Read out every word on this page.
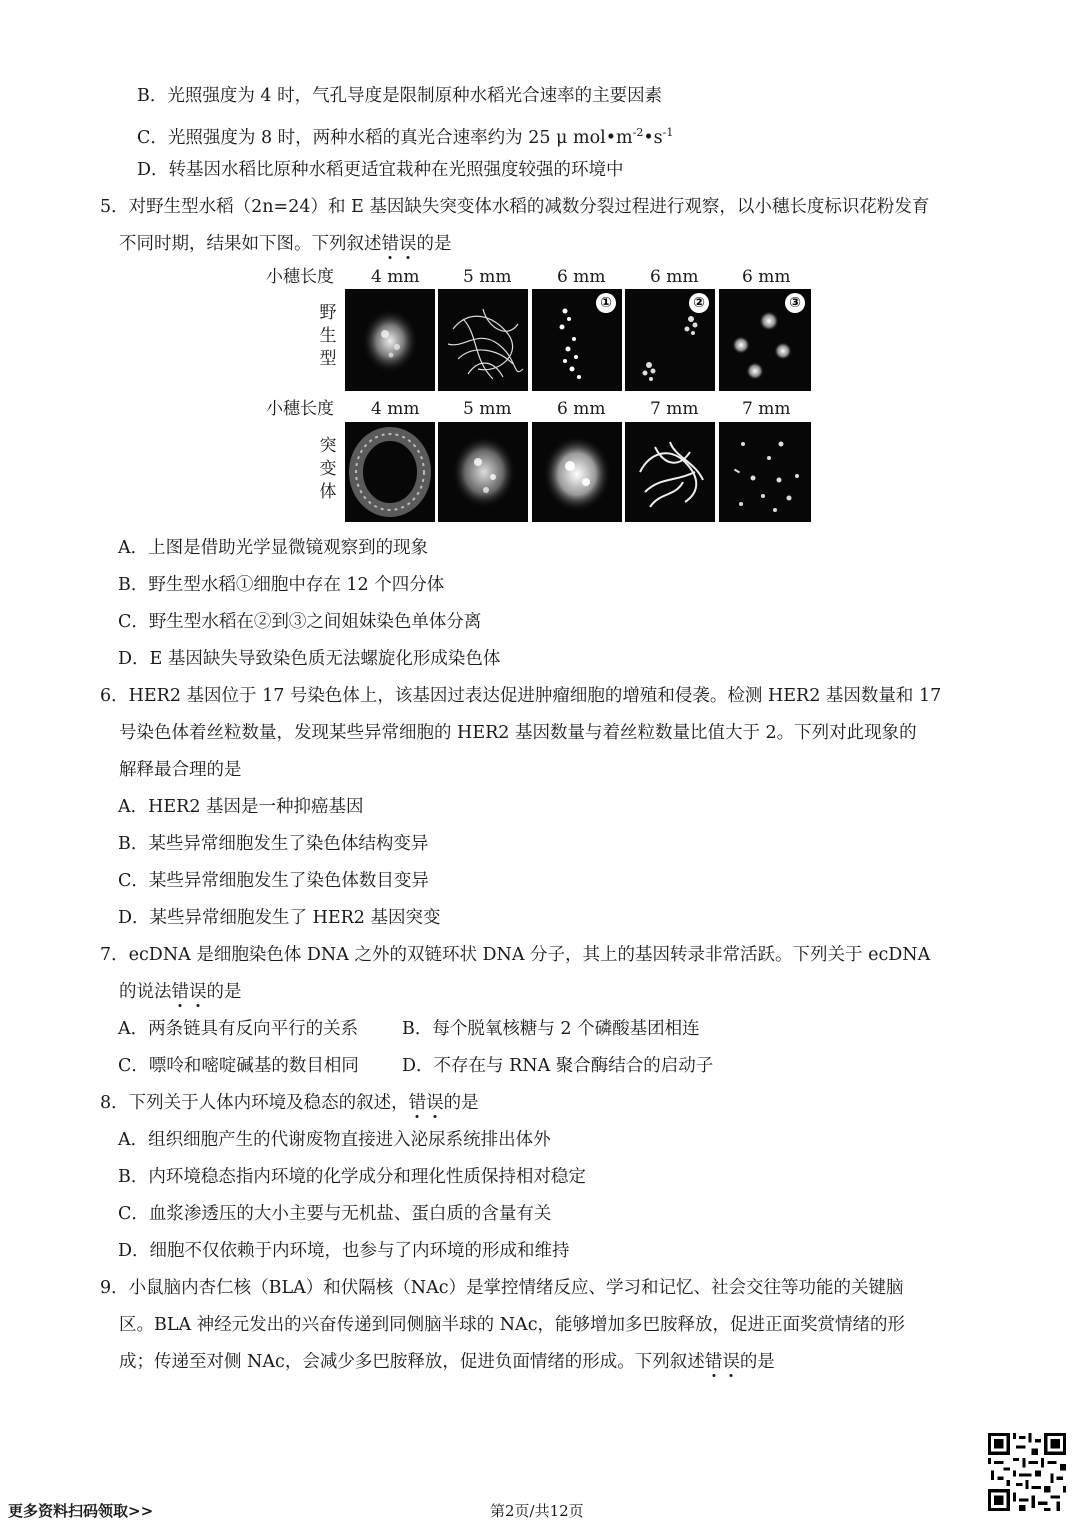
B．光照强度为 4 时，气孔导度是限制原种水稻光合速率的主要因素
C．光照强度为 8 时，两种水稻的真光合速率约为 25 μ $mol•m^{-2}•s^{-1}$
D．转基因水稻比原种水稻更适宜栽种在光照强度较强的环境中
5．对野生型水稻（2n=24）和 E 基因缺失突变体水稻的减数分裂过程进行观察，以小穗长度标识花粉发育
不同时期，结果如下图。下列叙述错误的是
小穗长度 4 mm	5 mm	6 mm	6 mm	6 mm
野
生
型
①	②	③
小穗长度 4 mm	5 mm	6 mm	7 mm	7 mm
突
变
体
A．上图是借助光学显微镜观察到的现象
B．野生型水稻①细胞中存在 12 个四分体
C．野生型水稻在②到③之间姐妹染色单体分离
D．E 基因缺失导致染色质无法螺旋化形成染色体
6．HER2 基因位于 17 号染色体上，该基因过表达促进肿瘤细胞的增殖和侵袭。检测 HER2 基因数量和 17
号染色体着丝粒数量，发现某些异常细胞的 HER2 基因数量与着丝粒数量比值大于 2。下列对此现象的
解释最合理的是
A．HER2 基因是一种抑癌基因
B．某些异常细胞发生了染色体结构变异
C．某些异常细胞发生了染色体数目变异
D．某些异常细胞发生了 HER2 基因突变
7．ecDNA 是细胞染色体 DNA 之外的双链环状 DNA 分子，其上的基因转录非常活跃。下列关于 ecDNA
的说法错误的是
A．两条链具有反向平行的关系	B．每个脱氧核糖与 2 个磷酸基团相连
C．嘌呤和嘧啶碱基的数目相同 D．不存在与 RNA 聚合酶结合的启动子
8．下列关于人体内环境及稳态的叙述，错误的是
A．组织细胞产生的代谢废物直接进入泌尿系统排出体外
B．内环境稳态指内环境的化学成分和理化性质保持相对稳定
C．血浆渗透压的大小主要与无机盐、蛋白质的含量有关
D．细胞不仅依赖于内环境，也参与了内环境的形成和维持
9．小鼠脑内杏仁核（BLA）和伏隔核（NAc）是掌控情绪反应、学习和记忆、社会交往等功能的关键脑
区。BLA 神经元发出的兴奋传递到同侧脑半球的 NAc，能够增加多巴胺释放，促进正面奖赏情绪的形
成；传递至对侧 NAc，会减少多巴胺释放，促进负面情绪的形成。下列叙述错误的是
更多资料扫码领取>>	第2页/共12页
